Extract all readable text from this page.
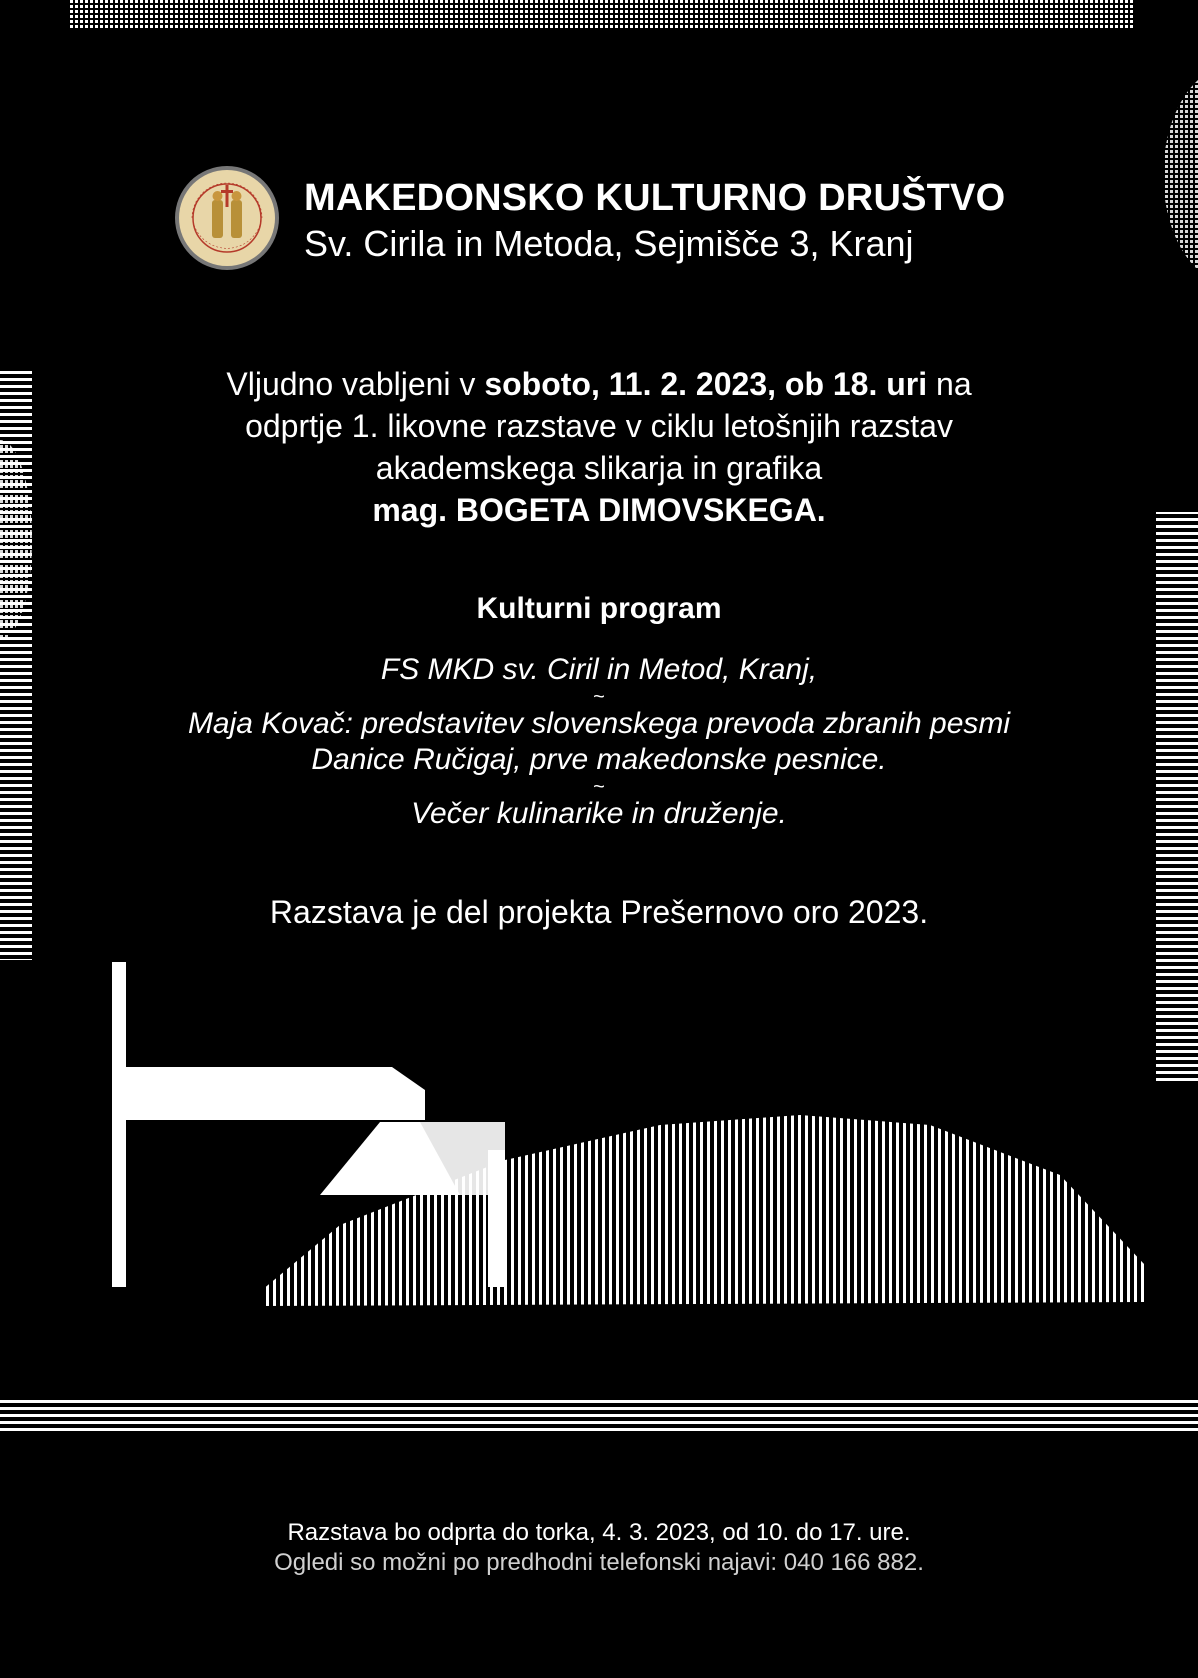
MAKEDONSKO KULTURNO DRUŠTVO
Sv. Cirila in Metoda, Sejmišče 3, Kranj
Vljudno vabljeni v soboto, 11. 2. 2023, ob 18. uri na
odprtje 1. likovne razstave v ciklu letošnjih razstav
akademskega slikarja in grafika
mag. BOGETA DIMOVSKEGA.
Kulturni program
FS MKD sv. Ciril in Metod, Kranj,
~
Maja Kovač: predstavitev slovenskega prevoda zbranih pesmi
Danice Ručigaj, prve makedonske pesnice.
~
Večer kulinarike in druženje.
Razstava je del projekta Prešernovo oro 2023.
Razstava bo odprta do torka, 4. 3. 2023, od 10. do 17. ure.
Ogledi so možni po predhodni telefonski najavi: 040 166 882.
